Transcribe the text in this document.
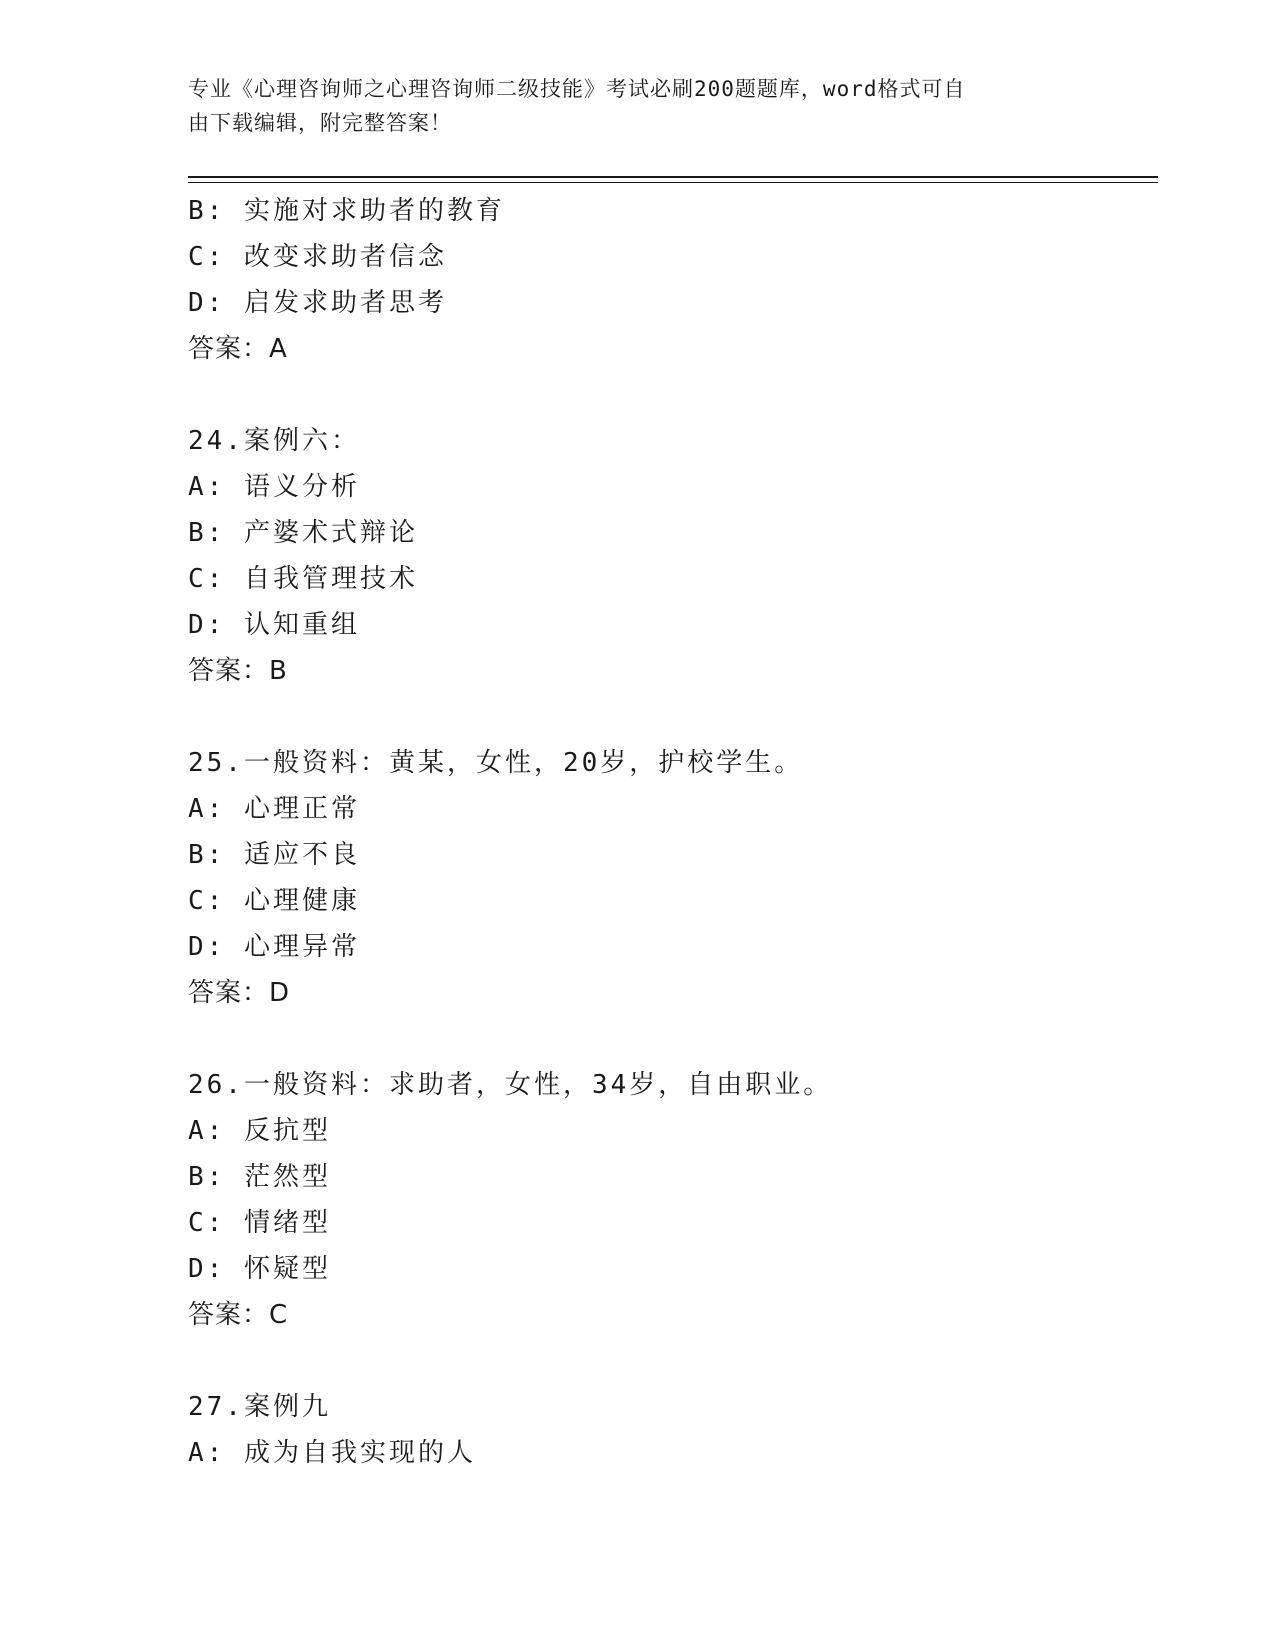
专业《心理咨询师之心理咨询师二级技能》考试必刷200题题库，word格式可自
由下载编辑，附完整答案！
B: 实施对求助者的教育
C: 改变求助者信念
D: 启发求助者思考
答案：A
24.案例六：
A: 语义分析
B: 产婆术式辩论
C: 自我管理技术
D: 认知重组
答案：B
25.一般资料：黄某，女性，20岁，护校学生。
A: 心理正常
B: 适应不良
C: 心理健康
D: 心理异常
答案：D
26.一般资料：求助者，女性，34岁，自由职业。
A: 反抗型
B: 茫然型
C: 情绪型
D: 怀疑型
答案：C
27.案例九
A: 成为自我实现的人
